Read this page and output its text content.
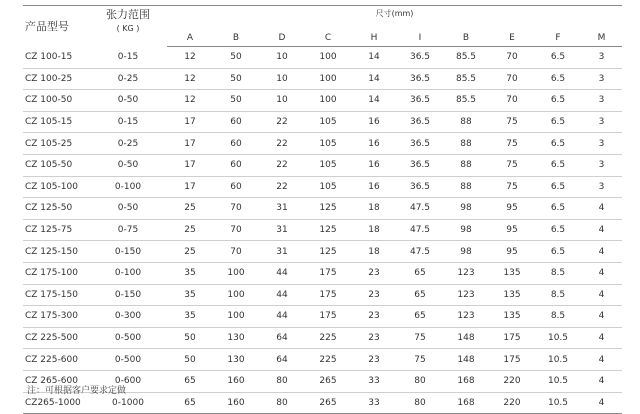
产品型号	张力范围
( KG )	尺寸(mm)									
		A	B	D	C	H	I	B	E	F	M
CZ 100-15	0-15	12	50	10	100	14	36.5	85.5	70	6.5	3
CZ 100-25	0-25	12	50	10	100	14	36.5	85.5	70	6.5	3
CZ 100-50	0-50	12	50	10	100	14	36.5	85.5	70	6.5	3
CZ 105-15	0-15	17	60	22	105	16	36.5	88	75	6.5	3
CZ 105-25	0-25	17	60	22	105	16	36.5	88	75	6.5	3
CZ 105-50	0-50	17	60	22	105	16	36.5	88	75	6.5	3
CZ 105-100	0-100	17	60	22	105	16	36.5	88	75	6.5	3
CZ 125-50	0-50	25	70	31	125	18	47.5	98	95	6.5	4
CZ 125-75	0-75	25	70	31	125	18	47.5	98	95	6.5	4
CZ 125-150	0-150	25	70	31	125	18	47.5	98	95	6.5	4
CZ 175-100	0-100	35	100	44	175	23	65	123	135	8.5	4
CZ 175-150	0-150	35	100	44	175	23	65	123	135	8.5	4
CZ 175-300	0-300	35	100	44	175	23	65	123	135	8.5	4
CZ 225-500	0-500	50	130	64	225	23	75	148	175	10.5	4
CZ 225-600	0-500	50	130	64	225	23	75	148	175	10.5	4
CZ 265-600	0-600	65	160	80	265	33	80	168	220	10.5	4
CZ265-1000	0-1000	65	160	80	265	33	80	168	220	10.5	4
注：可根据客户要求定做
